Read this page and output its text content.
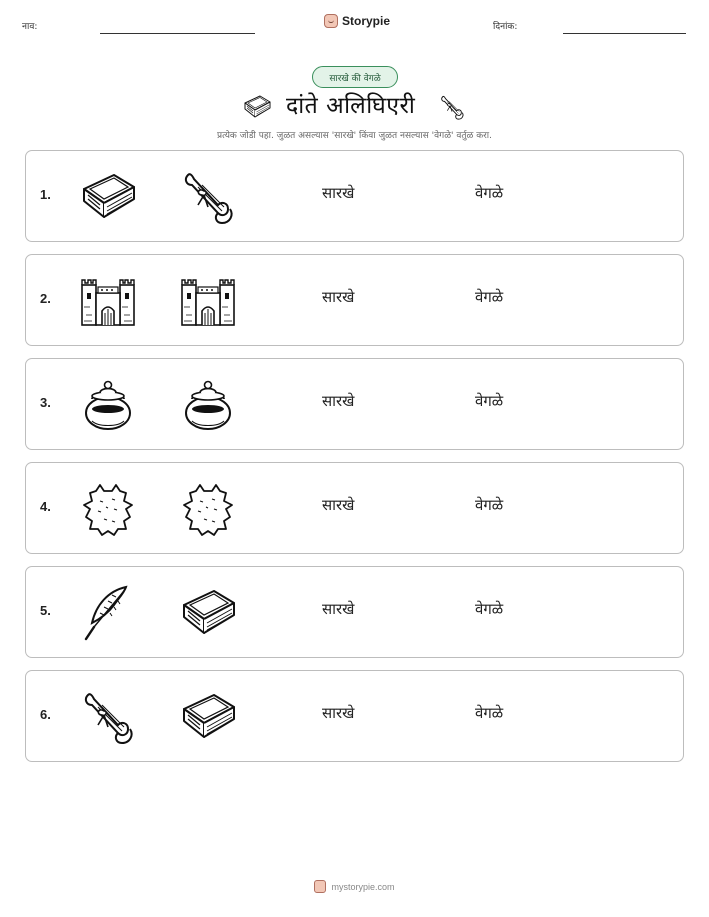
नाव:	Storypie	दिनांक:
सारखे की वेगळे
दांते अलिघिएरी
प्रत्येक जोडी पहा. जुळत असल्यास 'सारखे' किंवा जुळत नसल्यास 'वेगळे' वर्तुळ करा.
1.	सारखे	वेगळे
2.	सारखे	वेगळे
3.	सारखे	वेगळे
4.	सारखे	वेगळे
5.	सारखे	वेगळे
6.	सारखे	वेगळे
mystorypie.com
